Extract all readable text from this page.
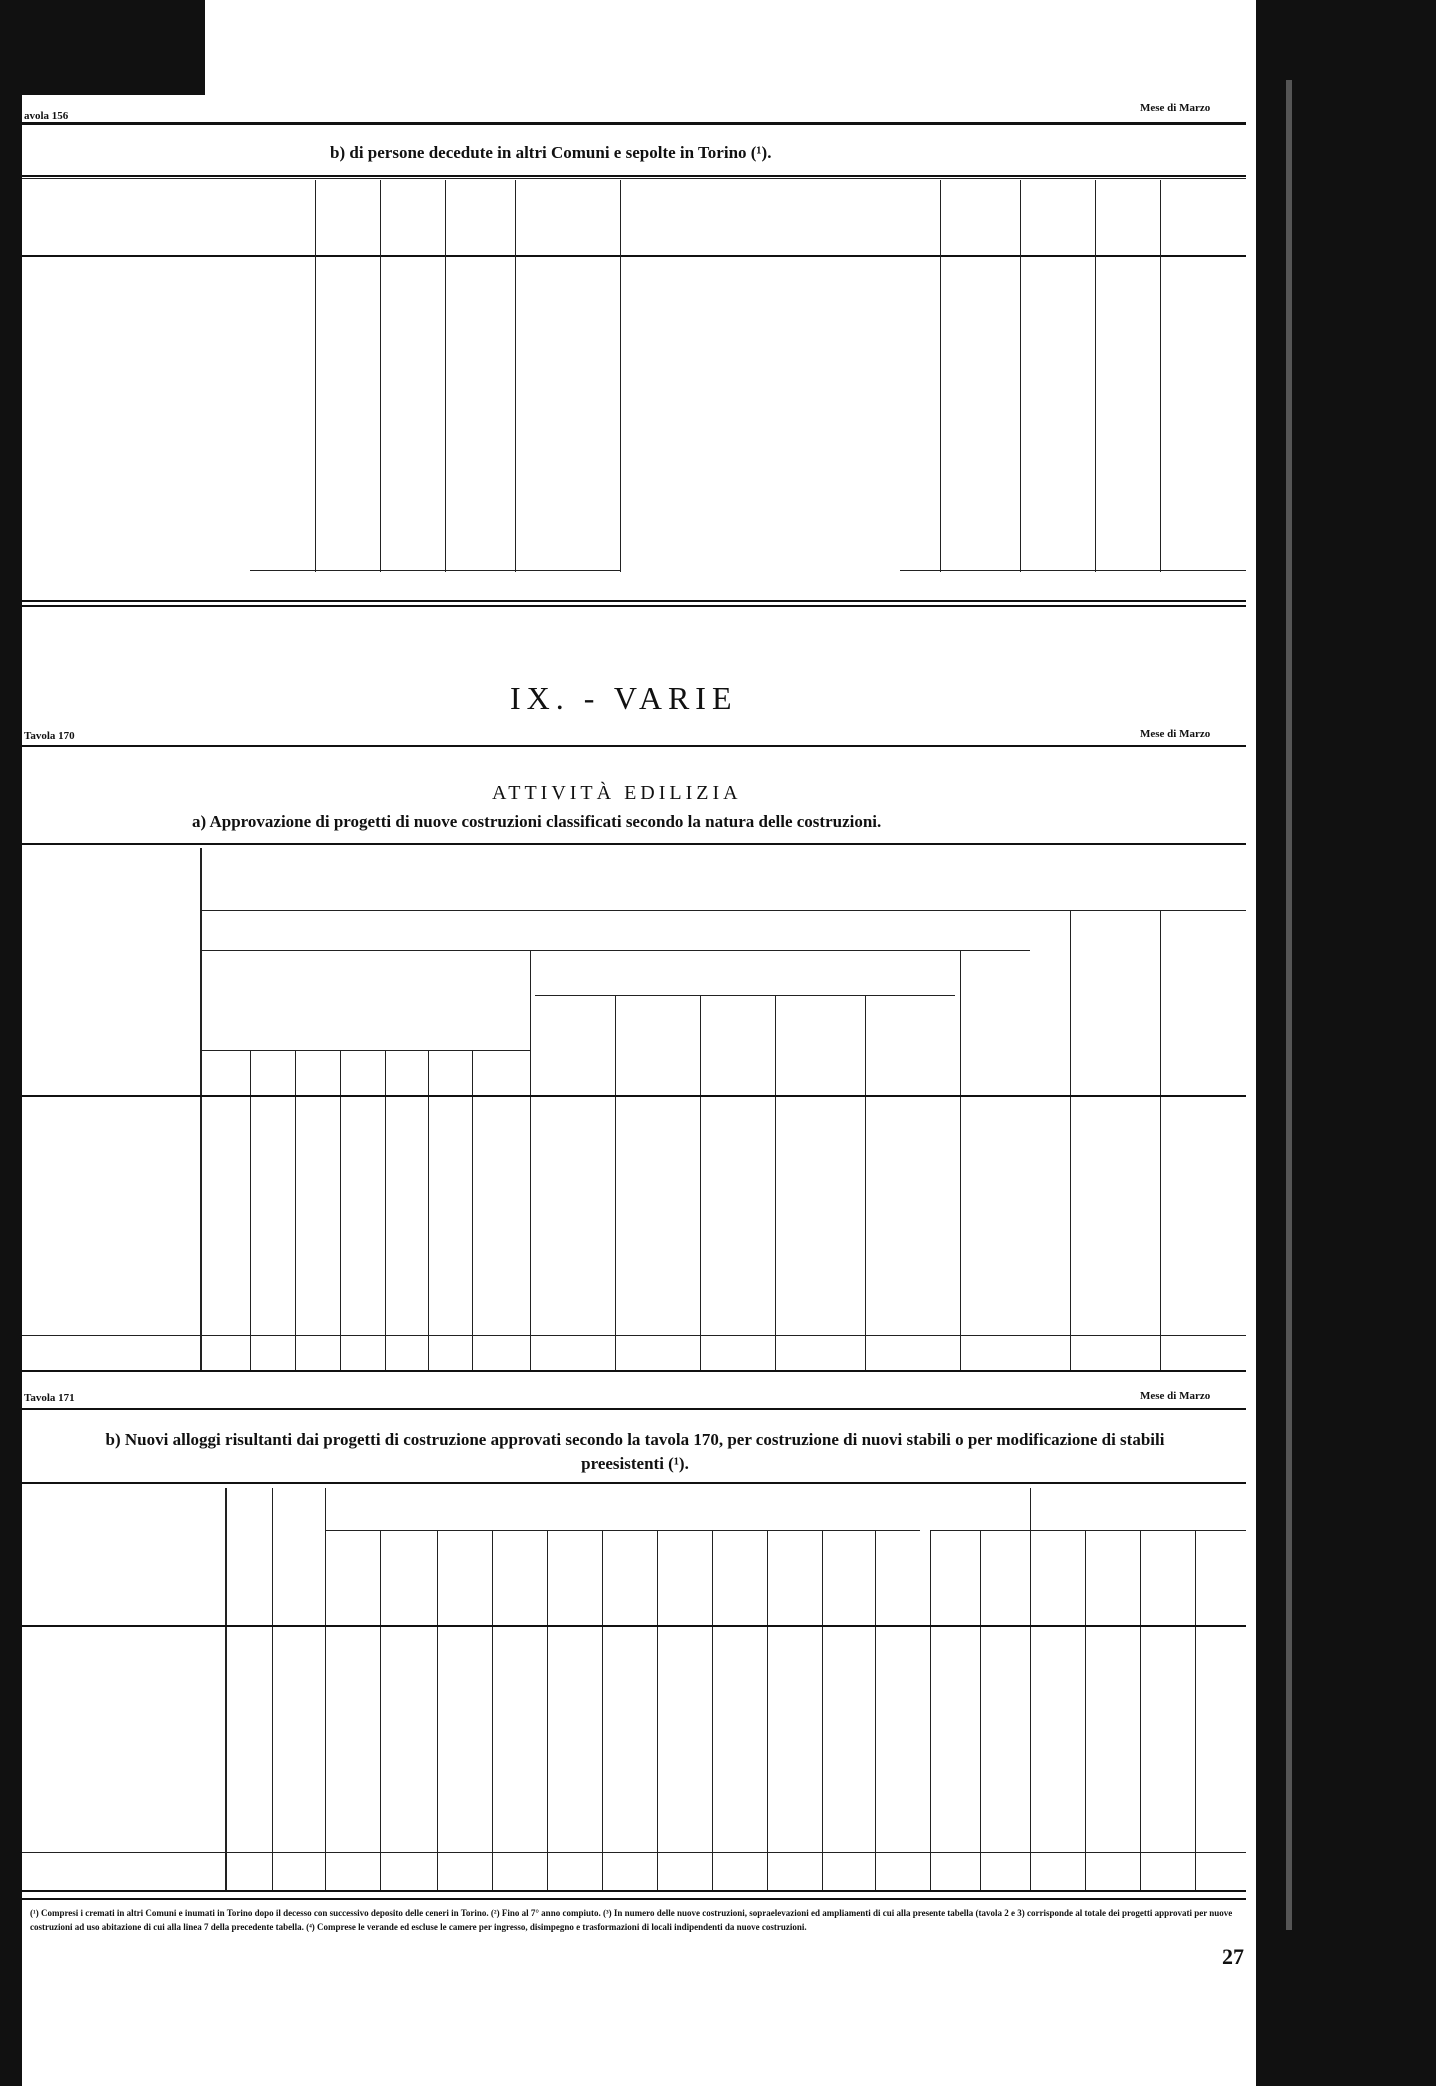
avola 156
Mese di Marzo
b) di persone decedute in altri Comuni e sepolte in Torino (¹).
IX. - VARIE
Tavola 170	Mese di Marzo
ATTIVITÀ EDILIZIA
a) Approvazione di progetti di nuove costruzioni classificati secondo la natura delle costruzioni.
Tavola 171	Mese di Marzo
b) Nuovi alloggi risultanti dai progetti di costruzione approvati secondo la tavola 170, per costruzione di nuovi stabili o per modificazione di stabili preesistenti (¹).
(¹) Compresi i cremati in altri Comuni e inumati in Torino dopo il decesso con successivo deposito delle ceneri in Torino. (²) Fino al 7° anno compiuto. (³) In numero delle nuove costruzioni, sopraelevazioni ed ampliamenti di cui alla presente tabella (tavola 2 e 3) corrisponde al totale dei progetti approvati per nuove costruzioni ad uso abitazione di cui alla linea 7 della precedente tabella. (⁴) Comprese le verande ed escluse le camere per ingresso, disimpegno e trasformazioni di locali indipendenti da nuove costruzioni.
27
